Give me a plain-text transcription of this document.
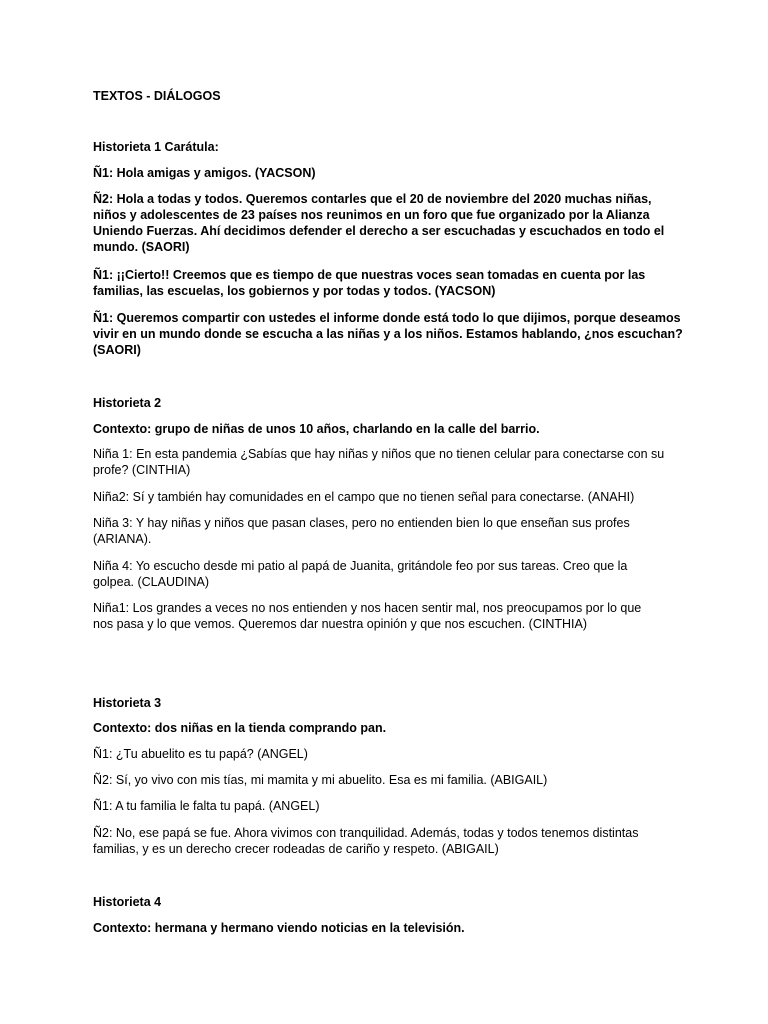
TEXTOS - DIÁLOGOS

Historieta 1 Carátula:

Ñ1: Hola amigas y amigos. (YACSON)

Ñ2: Hola a todas y todos. Queremos contarles que el 20 de noviembre del 2020 muchas niñas,
niños y adolescentes de 23 países nos reunimos en un foro que fue organizado por la Alianza
Uniendo Fuerzas. Ahí decidimos defender el derecho a ser escuchadas y escuchados en todo el
mundo. (SAORI)

Ñ1: ¡¡Cierto!! Creemos que es tiempo de que nuestras voces sean tomadas en cuenta por las
familias, las escuelas, los gobiernos y por todas y todos. (YACSON)

Ñ1: Queremos compartir con ustedes el informe donde está todo lo que dijimos, porque deseamos
vivir en un mundo donde se escucha a las niñas y a los niños. Estamos hablando, ¿nos escuchan?
(SAORI)

Historieta 2

Contexto: grupo de niñas de unos 10 años, charlando en la calle del barrio.

Niña 1: En esta pandemia ¿Sabías que hay niñas y niños que no tienen celular para conectarse con su
profe? (CINTHIA)

Niña2: Sí y también hay comunidades en el campo que no tienen señal para conectarse. (ANAHI)

Niña 3: Y hay niñas y niños que pasan clases, pero no entienden bien lo que enseñan sus profes
(ARIANA).

Niña 4: Yo escucho desde mi patio al papá de Juanita, gritándole feo por sus tareas. Creo que la
golpea. (CLAUDINA)

Niña1: Los grandes a veces no nos entienden y nos hacen sentir mal, nos preocupamos por lo que
nos pasa y lo que vemos. Queremos dar nuestra opinión y que nos escuchen. (CINTHIA)

Historieta 3

Contexto: dos niñas en la tienda comprando pan.

Ñ1: ¿Tu abuelito es tu papá? (ANGEL)

Ñ2: Sí, yo vivo con mis tías, mi mamita y mi abuelito. Esa es mi familia. (ABIGAIL)

Ñ1: A tu familia le falta tu papá. (ANGEL)

Ñ2: No, ese papá se fue. Ahora vivimos con tranquilidad. Además, todas y todos tenemos distintas
familias, y es un derecho crecer rodeadas de cariño y respeto. (ABIGAIL)

Historieta 4

Contexto: hermana y hermano viendo noticias en la televisión.
